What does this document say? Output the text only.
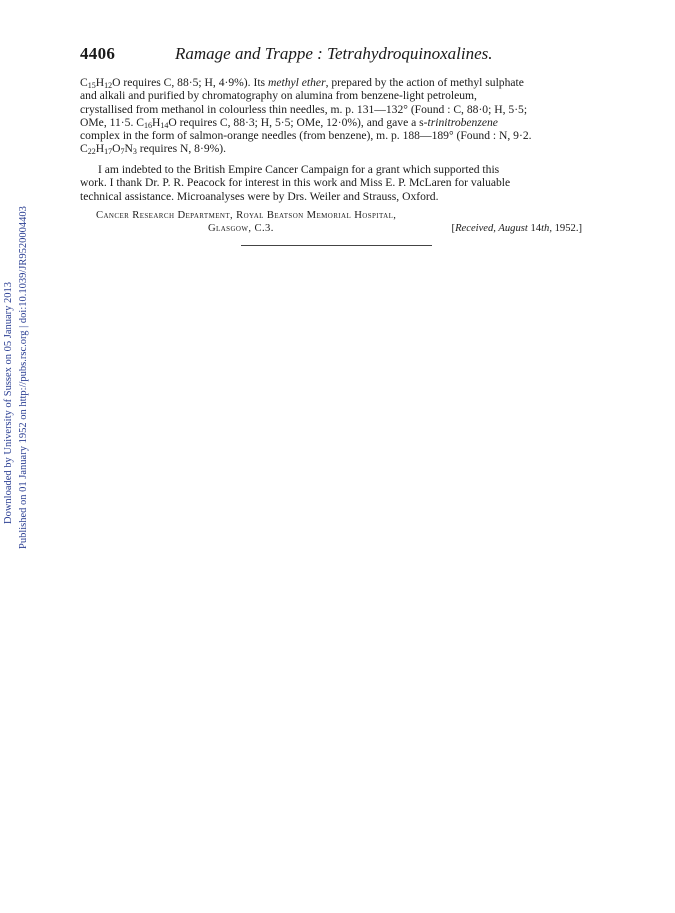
Downloaded by University of Sussex on 05 January 2013 Published on 01 January 1952 on http://pubs.rsc.org | doi:10.1039/JR9520004403
4406	Ramage and Trappe : Tetrahydroquinoxalines.
$C_{15}H_{12}O$ requires C, 88·5; H, 4·9%). Its methyl ether, prepared by the action of methyl sulphate
and alkali and purified by chromatography on alumina from benzene-light petroleum,
crystallised from methanol in colourless thin needles, m. p. 131—132° (Found : C, 88·0; H, 5·5;
OMe, 11·5. $C_{16}H_{14}O$ requires C, 88·3; H, 5·5; OMe, 12·0%), and gave a s-trinitrobenzene
complex in the form of salmon-orange needles (from benzene), m. p. 188—189° (Found : N, 9·2.
$C_{22}H_{17}O_7N_3$ requires N, 8·9%).
I am indebted to the British Empire Cancer Campaign for a grant which supported this
work. I thank Dr. P. R. Peacock for interest in this work and Miss E. P. McLaren for valuable
technical assistance. Microanalyses were by Drs. Weiler and Strauss, Oxford.
Cancer Research Department, Royal Beatson Memorial Hospital,
Glasgow, C.3.	[Received, August 14th, 1952.]
